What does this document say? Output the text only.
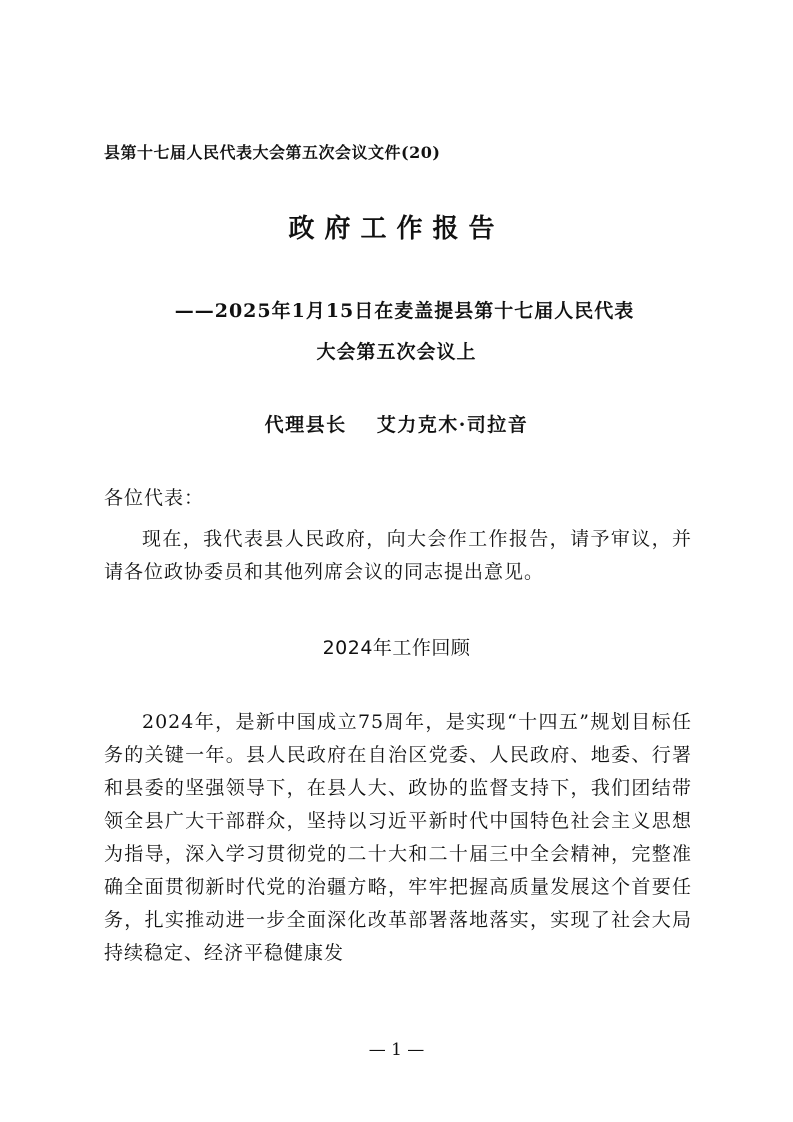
县第十七届人民代表大会第五次会议文件(20)
政府工作报告
——2025年1月15日在麦盖提县第十七届人民代表
大会第五次会议上
代理县长 艾力克木·司拉音
各位代表：
现在，我代表县人民政府，向大会作工作报告，请予审议，并请各位政协委员和其他列席会议的同志提出意见。
2024年工作回顾
2024年，是新中国成立75周年，是实现“十四五”规划目标任务的关键一年。县人民政府在自治区党委、人民政府、地委、行署和县委的坚强领导下，在县人大、政协的监督支持下，我们团结带领全县广大干部群众，坚持以习近平新时代中国特色社会主义思想为指导，深入学习贯彻党的二十大和二十届三中全会精神，完整准确全面贯彻新时代党的治疆方略，牢牢把握高质量发展这个首要任务，扎实推动进一步全面深化改革部署落地落实，实现了社会大局持续稳定、经济平稳健康发
— 1 —
